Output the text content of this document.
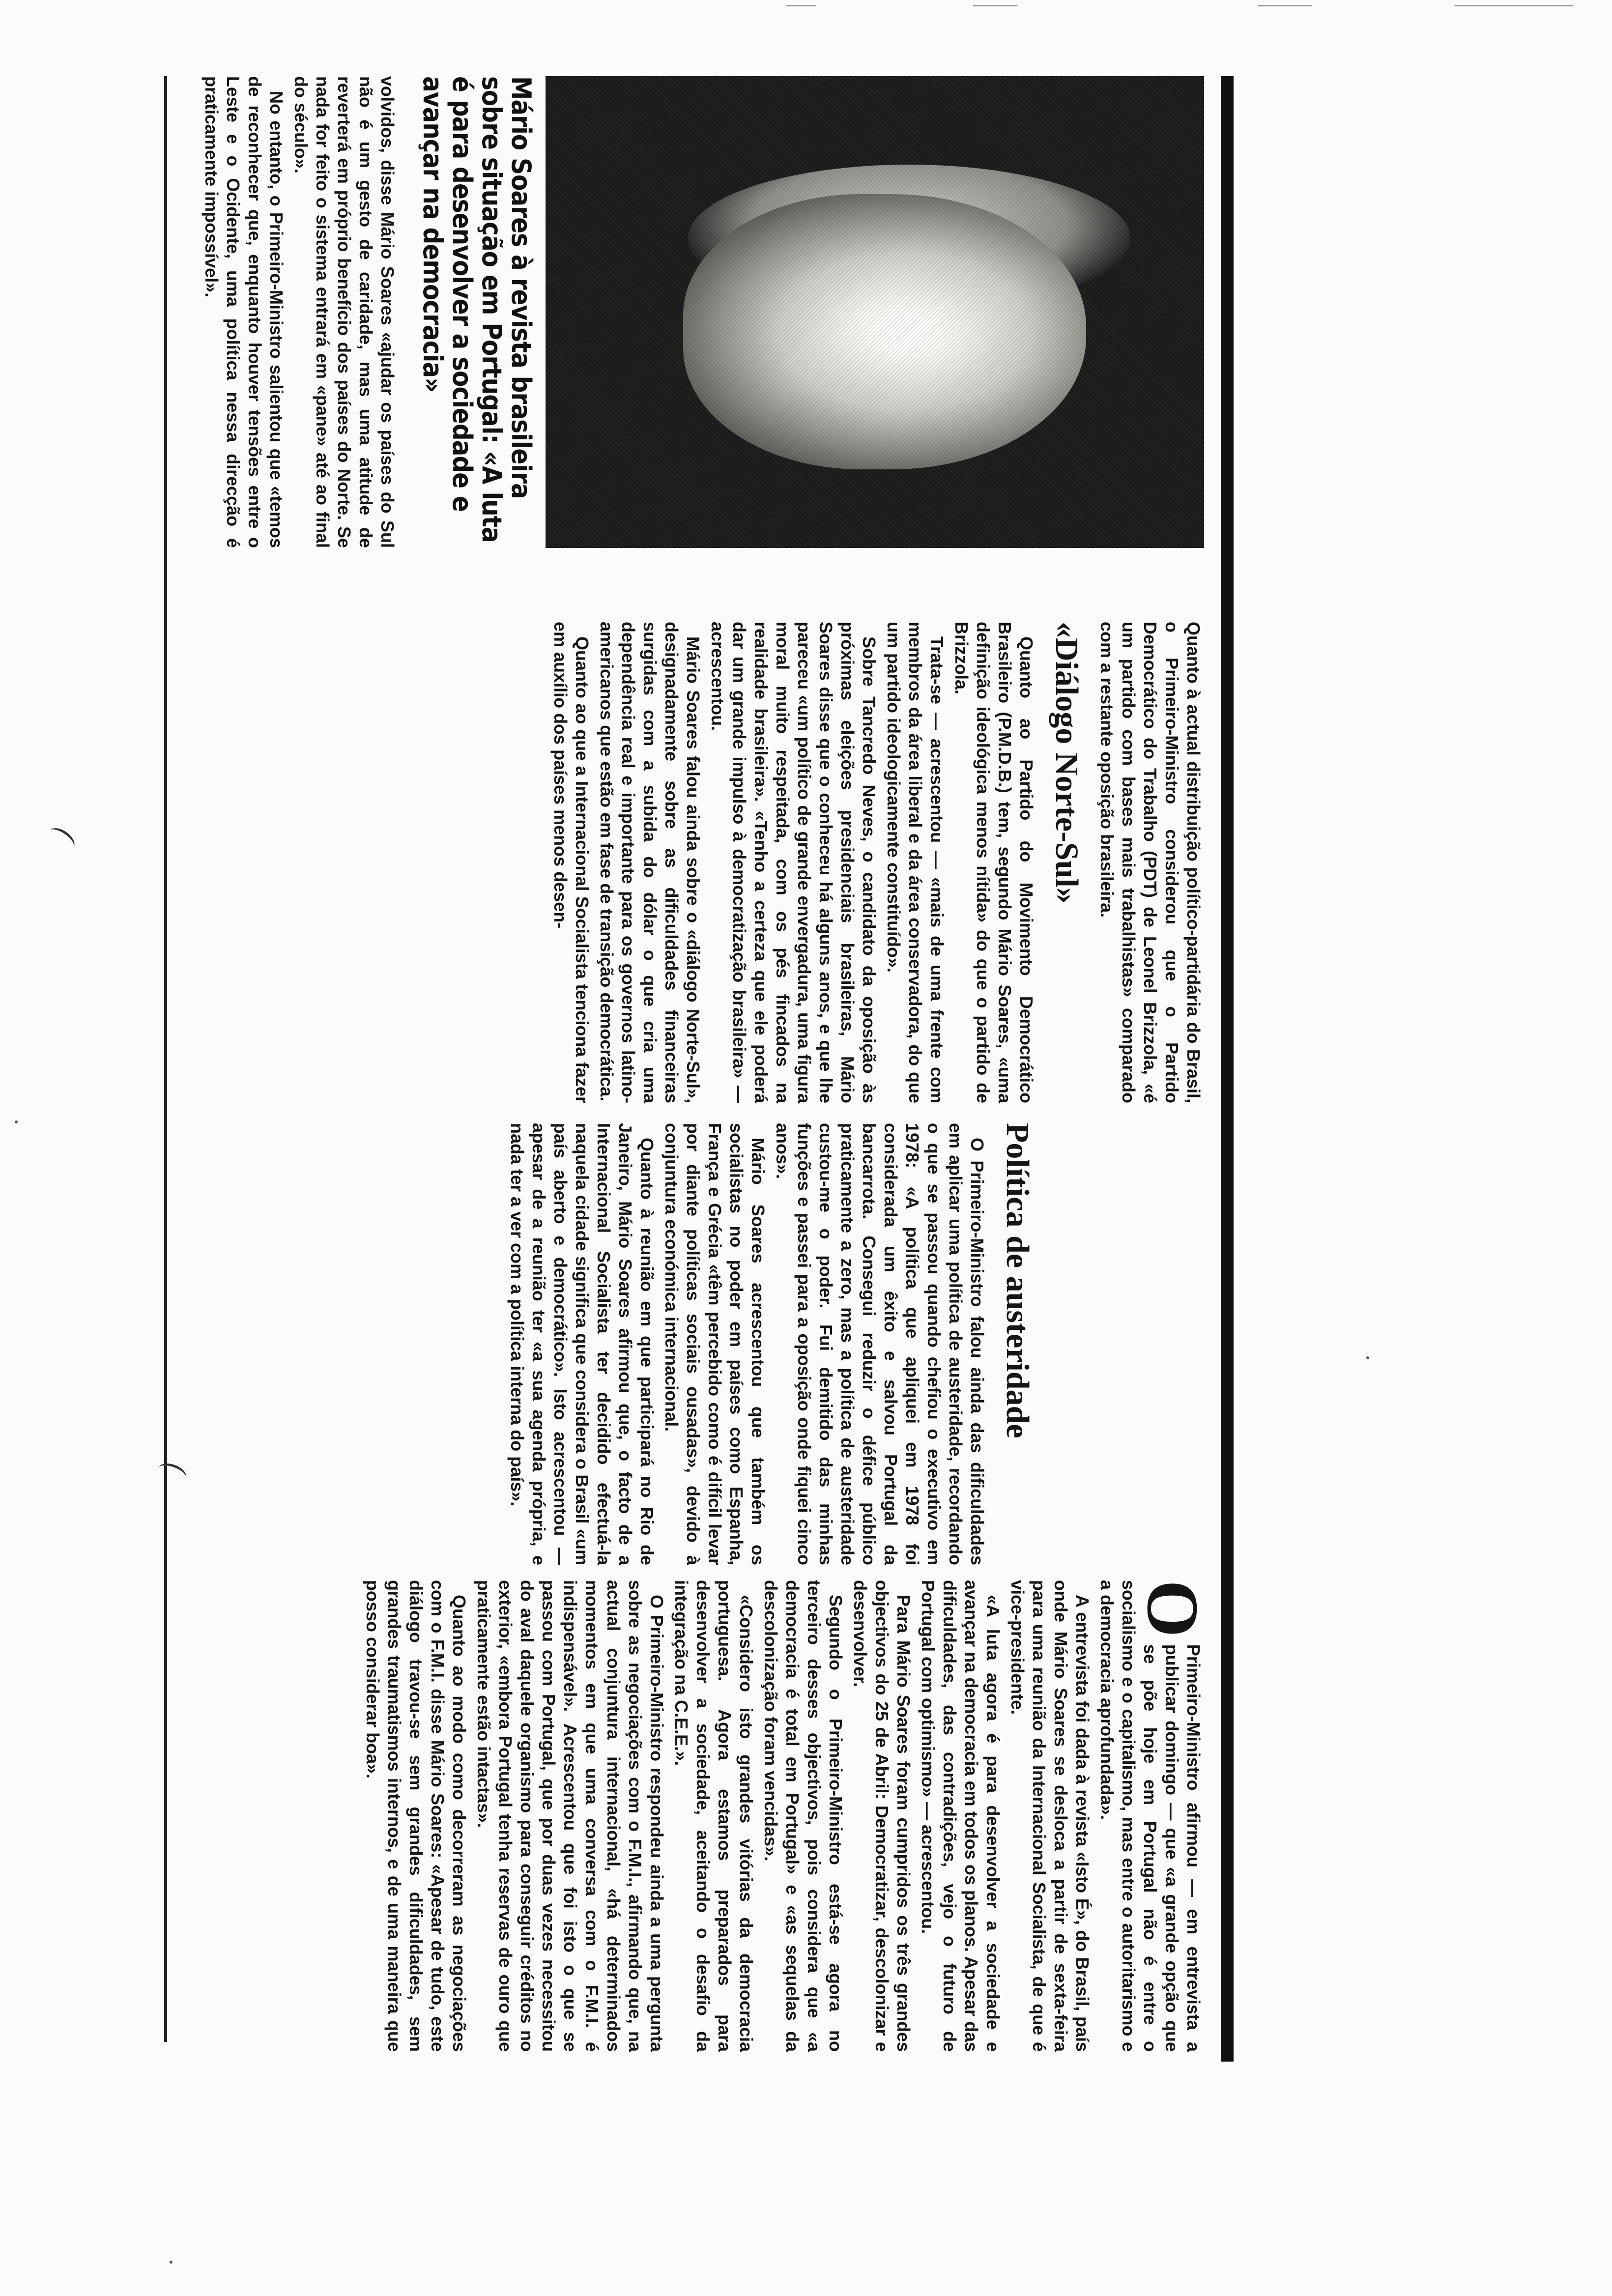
Mário Soares à revista brasileira sobre situação em Portugal: «A luta é para desenvolver a sociedade e avançar na democracia»

volvidos, disse Mário Soares «ajudar os países do Sul não é um gesto de caridade, mas uma atitude de reverterá em próprio benefício dos países do Norte. Se nada for feito o sistema entrará em «pane» até ao final do século».

No entanto, o Primeiro-Ministro salientou que «temos de reconhecer que, enquanto houver tensões entre o Leste e o Ocidente, uma política nessa direcção é praticamente impossível».

Quanto à actual distribuição político-partidária do Brasil, o Primeiro-Ministro considerou que o Partido Democrático do Trabalho (PDT) de Leonel Brizzola, «é um partido com bases mais trabalhistas» comparado com a restante oposição brasileira.

«Diálogo Norte-Sul»

Quanto ao Partido do Movimento Democrático Brasileiro (P.M.D.B.) tem, segundo Mário Soares, «uma definição ideológica menos nítida» do que o partido de Brizzola.

Trata-se — acrescentou — «mais de uma frente com membros da área liberal e da área conservadora, do que um partido ideologicamente constituído».

Sobre Tancredo Neves, o candidato da oposição às próximas eleições presidenciais brasileiras, Mário Soares disse que o conheceu há alguns anos, e que lhe pareceu «um político de grande envergadura, uma figura moral muito respeitada, com os pés fincados na realidade brasileira». «Tenho a certeza que ele poderá dar um grande impulso à democratização brasileira» — acrescentou.

Mário Soares falou ainda sobre o «diálogo Norte-Sul», designadamente sobre as dificuldades financeiras surgidas com a subida do dólar o que cria uma dependência real e importante para os governos latino-americanos que estão em fase de transição democrática.

Quanto ao que a Internacional Socialista tenciona fazer em auxílio dos países menos desen-

Política de austeridade

O Primeiro-Ministro falou ainda das dificuldades em aplicar uma política de austeridade, recordando o que se passou quando chefiou o executivo em 1978: «A política que apliquei em 1978 foi considerada um êxito e salvou Portugal da bancarrota. Consegui reduzir o défice público praticamente a zero, mas a política de austeridade custou-me o poder. Fui demitido das minhas funções e passei para a oposição onde fiquei cinco anos».

Mário Soares acrescentou que também os socialistas no poder em países como Espanha, França e Grécia «têm percebido como é difícil levar por diante políticas sociais ousadas», devido à conjuntura económica internacional.

Quanto à reunião em que participará no Rio de Janeiro, Mário Soares afirmou que, o facto de a Internacional Socialista ter decidido efectuá-la naquela cidade significa que considera o Brasil «um país aberto e democrático». Isto acrescentou — apesar de a reunião ter «a sua agenda própria, e nada ter a ver com a política interna do país».

O
Primeiro-Ministro afirmou — em entrevista a publicar domingo — que «a grande opção que se põe hoje em Portugal não é entre o socialismo e o capitalismo, mas entre o autoritarismo e a democracia aprofundada».

A entrevista foi dada à revista «Isto É», do Brasil, país onde Mário Soares se desloca a partir de sexta-feira para uma reunião da Internacional Socialista, de que é vice-presidente.

«A luta agora é para desenvolver a sociedade e avançar na democracia em todos os planos. Apesar das dificuldades, das contradições, vejo o futuro de Portugal com optimismo» — acrescentou.

Para Mário Soares foram cumpridos os três grandes objectivos do 25 de Abril: Democratizar, descolonizar e desenvolver.

Segundo o Primeiro-Ministro está-se agora no terceiro desses objectivos, pois considera que «a democracia é total em Portugal» e «as sequelas da descolonização foram vencidas».

«Considero isto grandes vitórias da democracia portuguesa. Agora estamos preparados para desenvolver a sociedade, aceitando o desafio da integração na C.E.E.».

O Primeiro-Ministro respondeu ainda a uma pergunta sobre as negociações com o F.M.I., afirmando que, na actual conjuntura internacional, «há determinados momentos em que uma conversa com o F.M.I. é indispensável». Acrescentou que foi isto o que se passou com Portugal, que por duas vezes necessitou do aval daquele organismo para conseguir créditos no exterior, «embora Portugal tenha reservas de ouro que praticamente estão intactas».

Quanto ao modo como decorreram as negociações com o F.M.I. disse Mário Soares: «Apesar de tudo, este diálogo travou-se sem grandes dificuldades, sem grandes traumatismos internos, e de uma maneira que posso considerar boa».
